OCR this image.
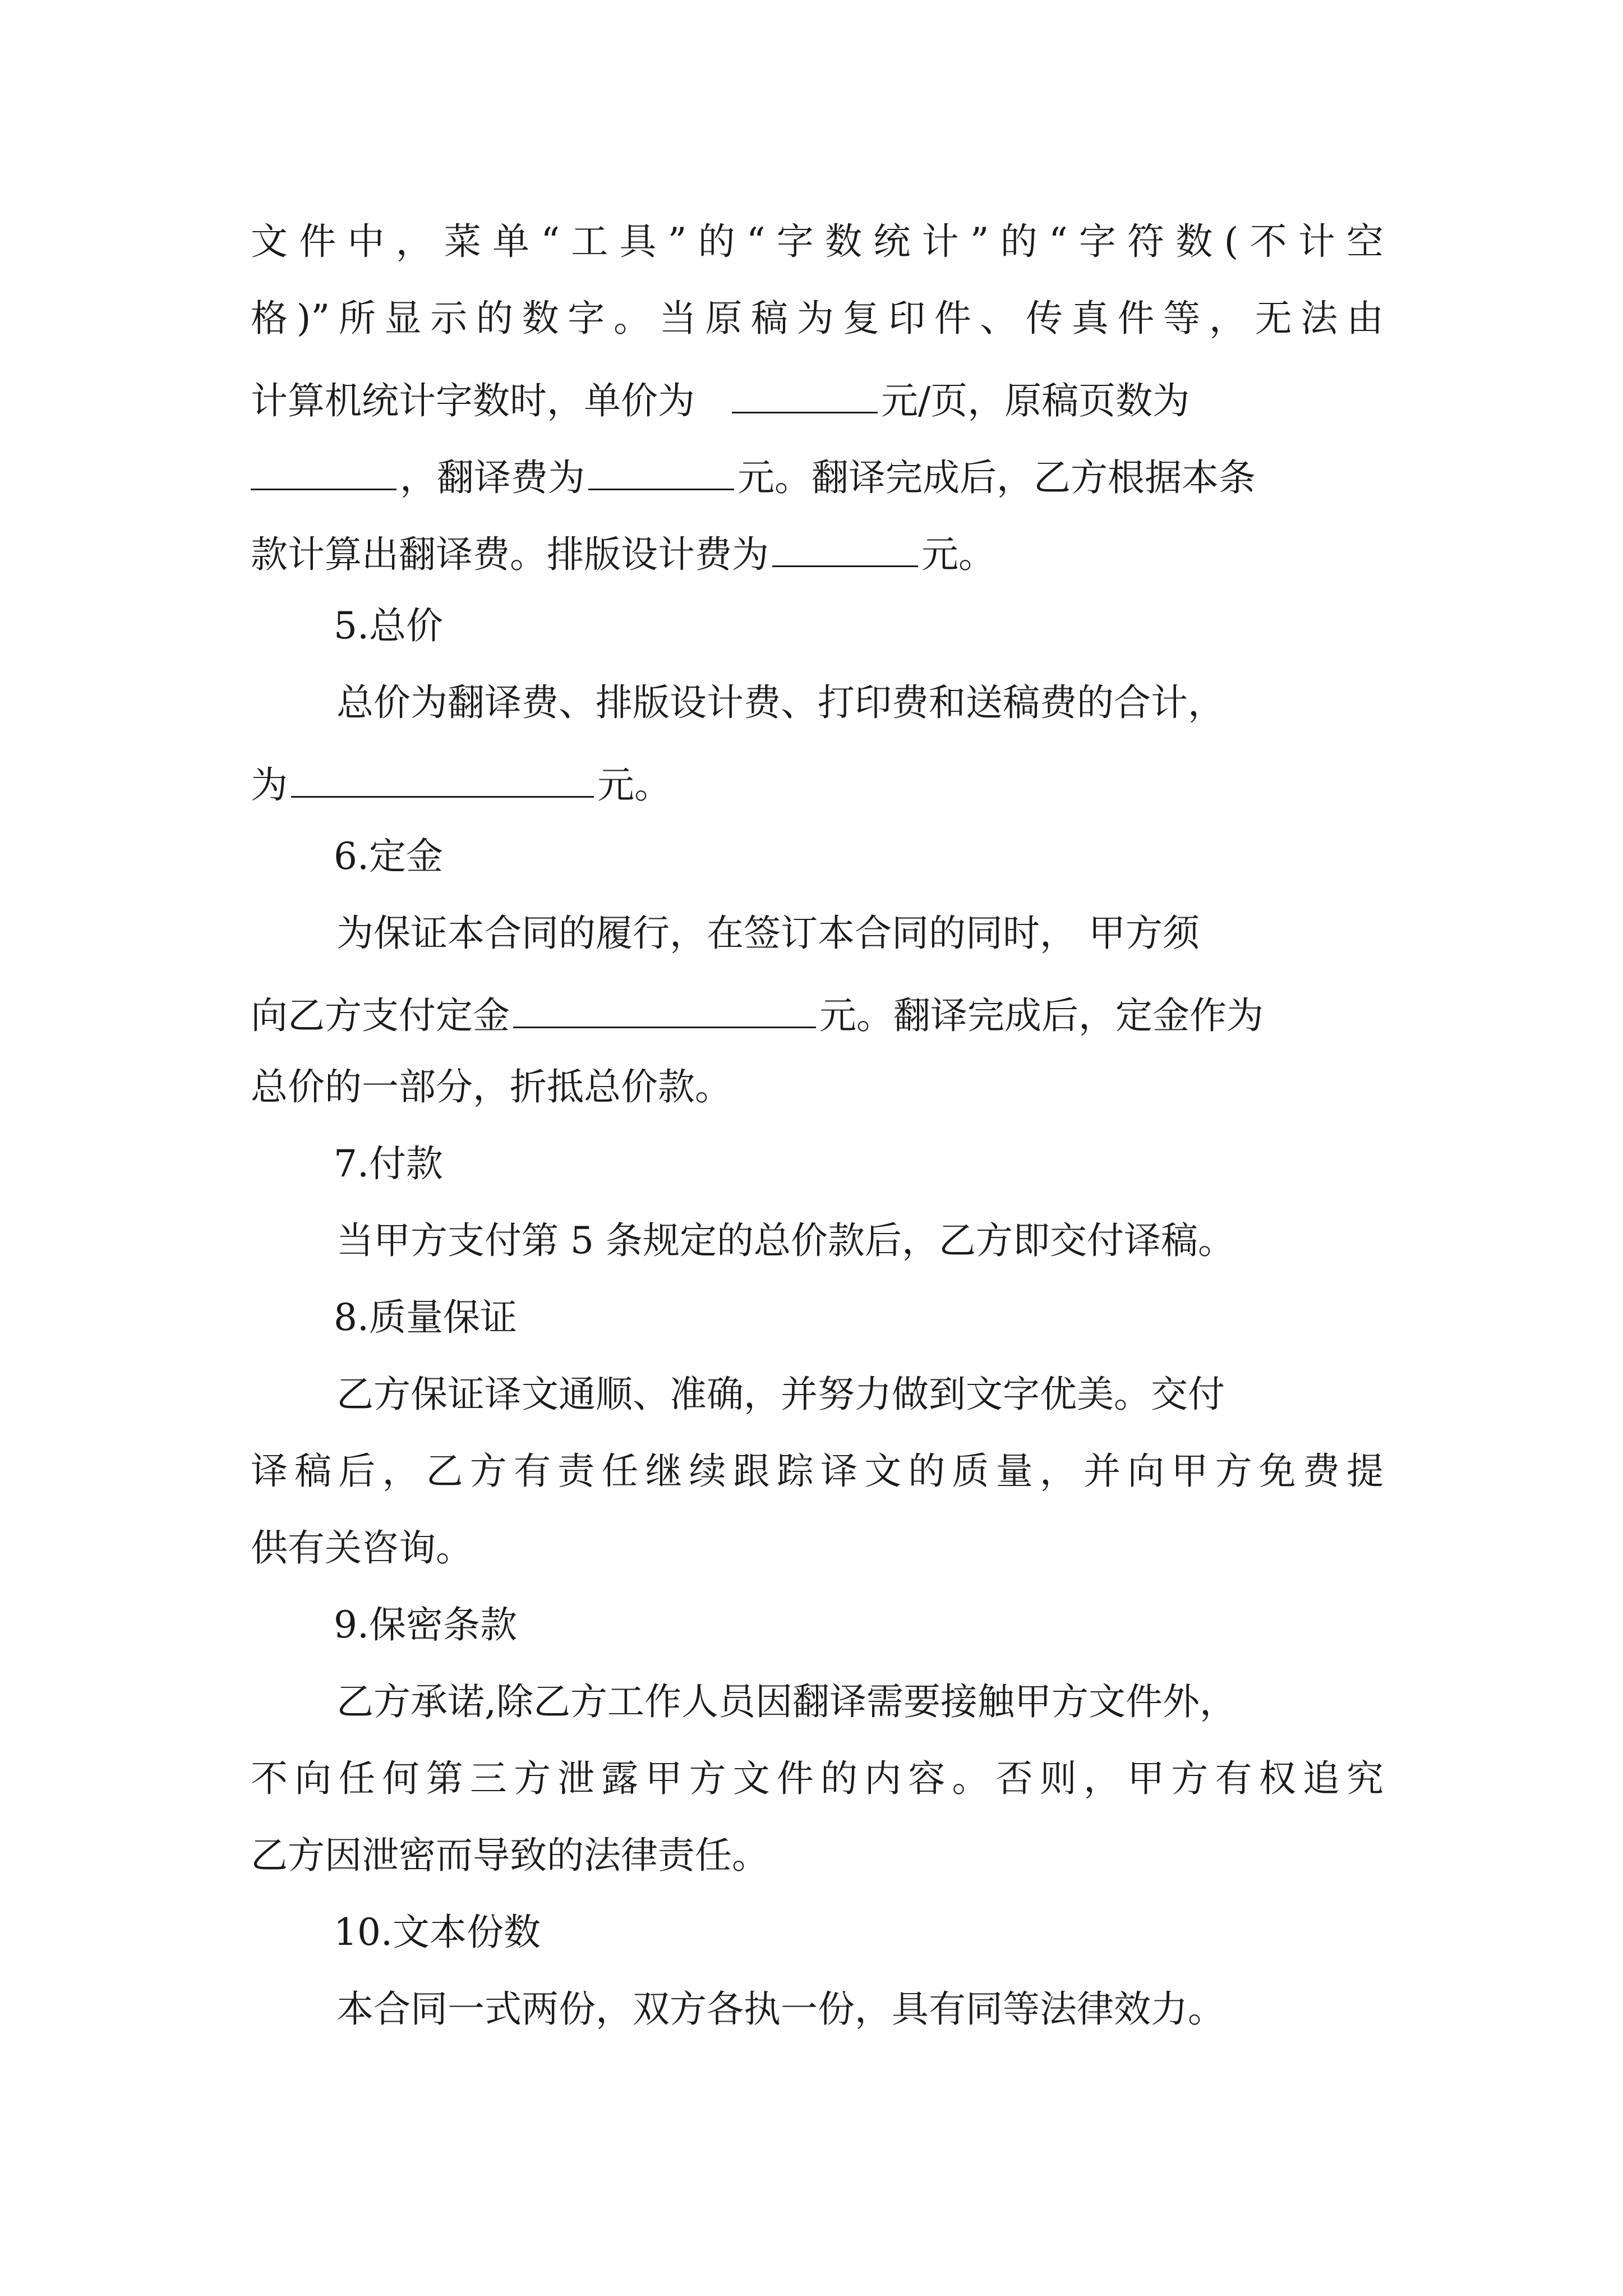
文件中，菜单“工具”的“字数统计”的“字符数(不计空
格)”所显示的数字。当原稿为复印件、传真件等，无法由
计算机统计字数时，单价为	元/页，原稿页数为
，翻译费为	元。翻译完成后，乙方根据本条
款计算出翻译费。排版设计费为	元。
5.总价
总价为翻译费、排版设计费、打印费和送稿费的合计，
为	元。
6.定金
为保证本合同的履行，在签订本合同的同时， 甲方须
向乙方支付定金	元。翻译完成后，定金作为
总价的一部分，折抵总价款。
7.付款
当甲方支付第 5 条规定的总价款后，乙方即交付译稿。
8.质量保证
乙方保证译文通顺、准确，并努力做到文字优美。交付
译稿后，乙方有责任继续跟踪译文的质量，并向甲方免费提
供有关咨询。
9.保密条款
乙方承诺,除乙方工作人员因翻译需要接触甲方文件外，
不向任何第三方泄露甲方文件的内容。否则，甲方有权追究
乙方因泄密而导致的法律责任。
10.文本份数
本合同一式两份，双方各执一份，具有同等法律效力。
